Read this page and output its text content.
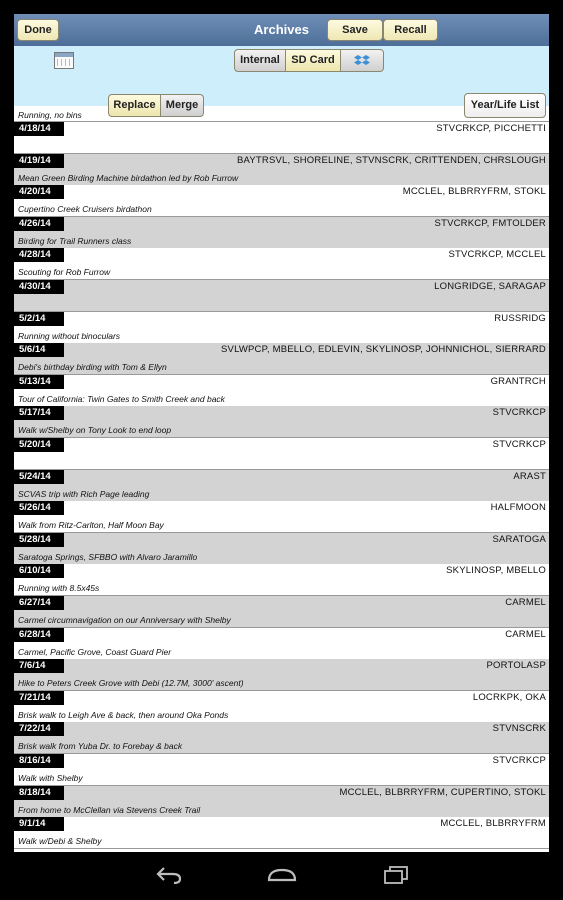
Archives
Done	Save	Recall
Internal	SD Card
Replace Merge	Year/Life List
Running, no bins
4/18/14	STVCRKCP, PICCHETTI
4/19/14	BAYTRSVL, SHORELINE, STVNSCRK, CRITTENDEN, CHRSLOUGH
Mean Green Birding Machine birdathon led by Rob Furrow
4/20/14	MCCLEL, BLBRRYFRM, STOKL
Cupertino Creek Cruisers birdathon
4/26/14	STVCRKCP, FMTOLDER
Birding for Trail Runners class
4/28/14	STVCRKCP, MCCLEL
Scouting for Rob Furrow
4/30/14	LONGRIDGE, SARAGAP
5/2/14	RUSSRIDG
Running without binoculars
5/6/14	SVLWPCP, MBELLO, EDLEVIN, SKYLINOSP, JOHNNICHOL, SIERRARD
Debi's birthday birding with Tom & Ellyn
5/13/14	GRANTRCH
Tour of California: Twin Gates to Smith Creek and back
5/17/14	STVCRKCP
Walk w/Shelby on Tony Look to end loop
5/20/14	STVCRKCP
5/24/14	ARAST
SCVAS trip with Rich Page leading
5/26/14	HALFMOON
Walk from Ritz-Carlton, Half Moon Bay
5/28/14	SARATOGA
Saratoga Springs, SFBBO with Alvaro Jaramillo
6/10/14	SKYLINOSP, MBELLO
Running with 8.5x45s
6/27/14	CARMEL
Carmel circumnavigation on our Anniversary with Shelby
6/28/14	CARMEL
Carmel, Pacific Grove, Coast Guard Pier
7/6/14	PORTOLASP
Hike to Peters Creek Grove with Debi (12.7M, 3000' ascent)
7/21/14	LOCRKPK, OKA
Brisk walk to Leigh Ave & back, then around Oka Ponds
7/22/14	STVNSCRK
Brisk walk from Yuba Dr. to Forebay & back
8/16/14	STVCRKCP
Walk with Shelby
8/18/14	MCCLEL, BLBRRYFRM, CUPERTINO, STOKL
From home to McClellan via Stevens Creek Trail
9/1/14	MCCLEL, BLBRRYFRM
Walk w/Debi & Shelby
